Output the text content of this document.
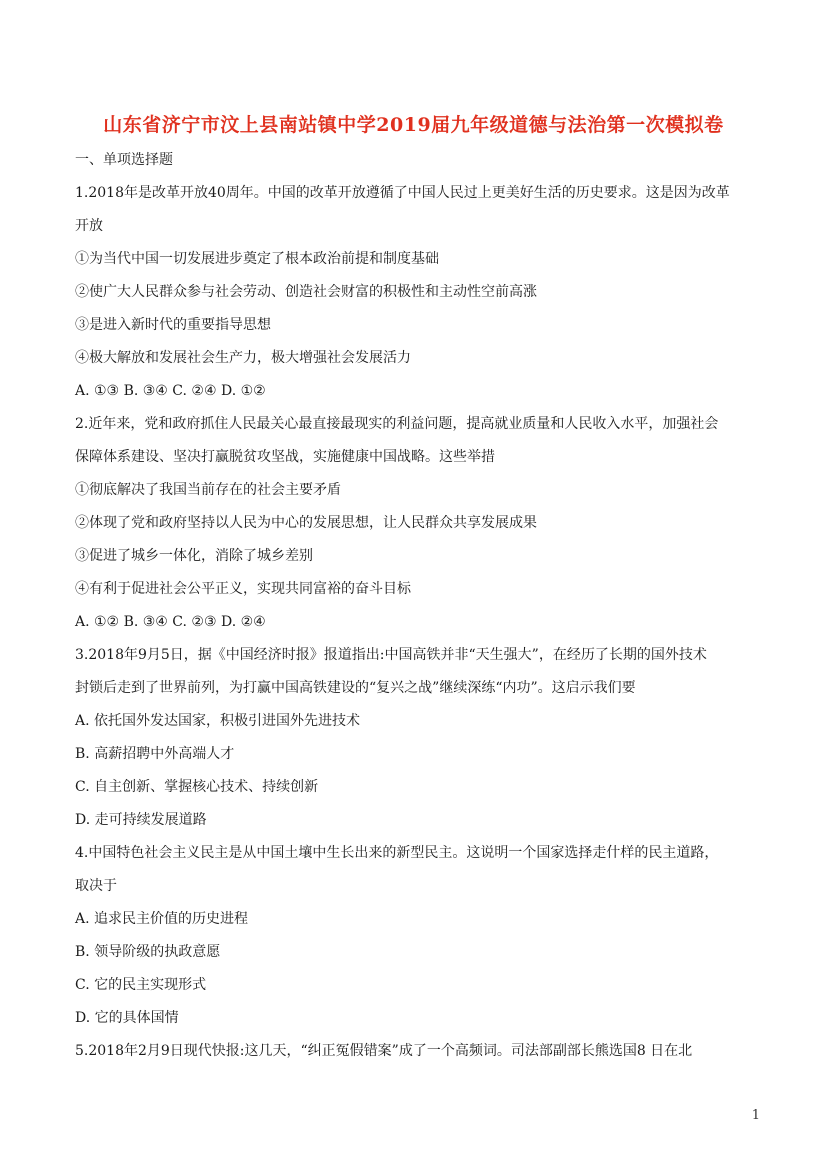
山东省济宁市汶上县南站镇中学2019届九年级道德与法治第一次模拟卷
一、单项选择题
1.2018年是改革开放40周年。中国的改革开放遵循了中国人民过上更美好生活的历史要求。这是因为改革
开放
①为当代中国一切发展进步奠定了根本政治前提和制度基础
②使广大人民群众参与社会劳动、创造社会财富的积极性和主动性空前高涨
③是进入新时代的重要指导思想
④极大解放和发展社会生产力，极大增强社会发展活力
A. ①③ B. ③④ C. ②④ D. ①②
2.近年来，党和政府抓住人民最关心最直接最现实的利益问题，提高就业质量和人民收入水平，加强社会
保障体系建设、坚决打赢脱贫攻坚战，实施健康中国战略。这些举措
①彻底解决了我国当前存在的社会主要矛盾
②体现了党和政府坚持以人民为中心的发展思想，让人民群众共享发展成果
③促进了城乡一体化，消除了城乡差别
④有利于促进社会公平正义，实现共同富裕的奋斗目标
A. ①② B. ③④ C. ②③ D. ②④
3.2018年9月5日，据《中国经济时报》报道指出:中国高铁并非“天生强大”，在经历了长期的国外技术
封锁后走到了世界前列，为打赢中国高铁建设的“复兴之战”继续深练“内功”。这启示我们要
A. 依托国外发达国家，积极引进国外先进技术
B. 高薪招聘中外高端人才
C. 自主创新、掌握核心技术、持续创新
D. 走可持续发展道路
4.中国特色社会主义民主是从中国土壤中生长出来的新型民主。这说明一个国家选择走什样的民主道路，
取决于
A. 追求民主价值的历史进程
B. 领导阶级的执政意愿
C. 它的民主实现形式
D. 它的具体国情
5.2018年2月9日现代快报:这几天，“纠正冤假错案”成了一个高频词。司法部副部长熊选国8 日在北
1
